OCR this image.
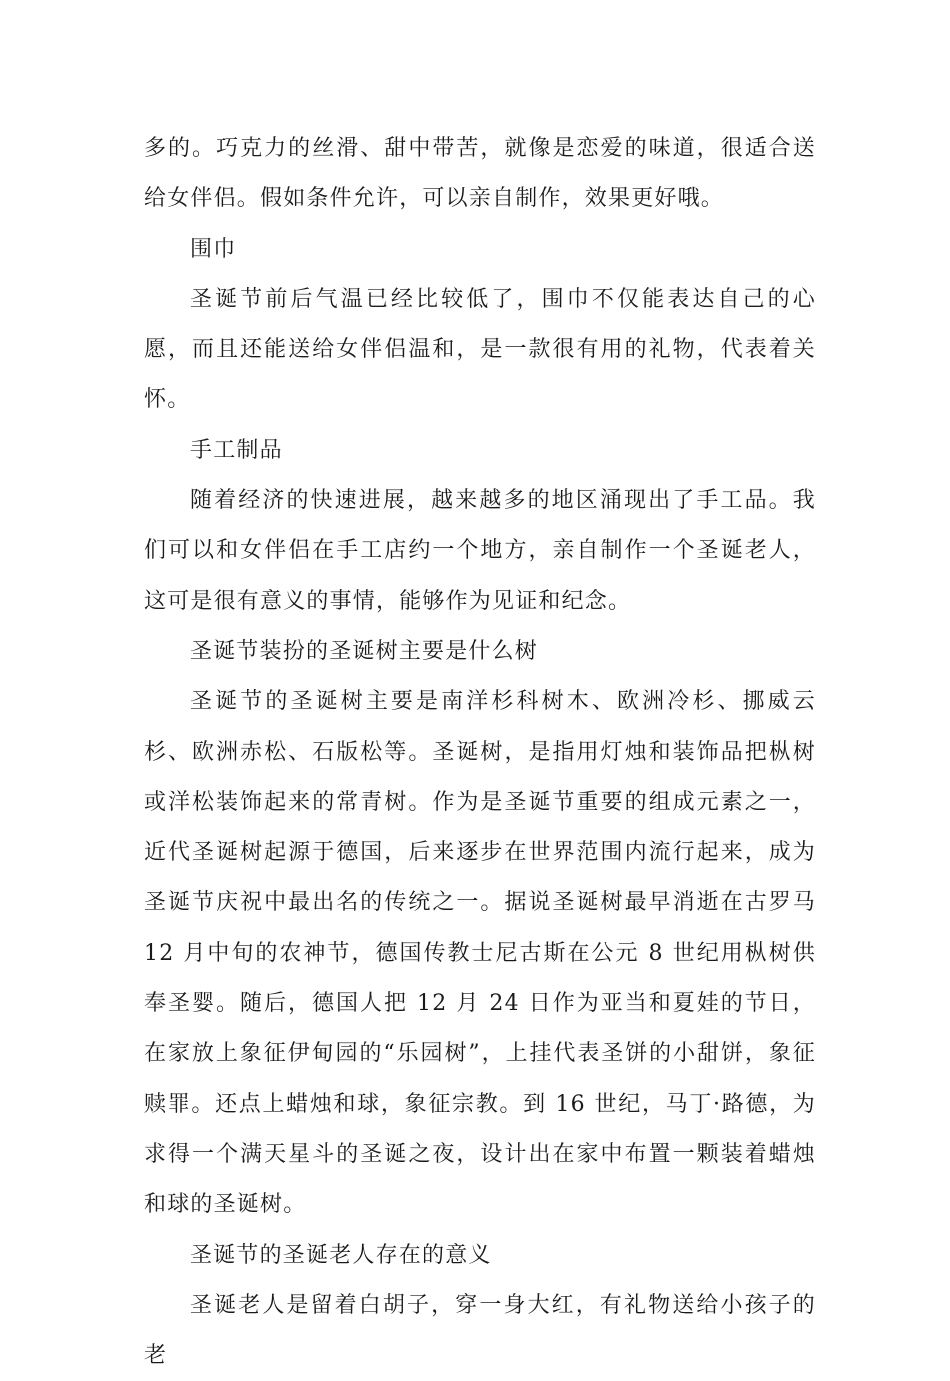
多的。巧克力的丝滑、甜中带苦，就像是恋爱的味道，很适合送给女伴侣。假如条件允许，可以亲自制作，效果更好哦。

围巾

圣诞节前后气温已经比较低了，围巾不仅能表达自己的心愿，而且还能送给女伴侣温和，是一款很有用的礼物，代表着关怀。

手工制品

随着经济的快速进展，越来越多的地区涌现出了手工品。我们可以和女伴侣在手工店约一个地方，亲自制作一个圣诞老人，这可是很有意义的事情，能够作为见证和纪念。

圣诞节装扮的圣诞树主要是什么树

圣诞节的圣诞树主要是南洋杉科树木、欧洲冷杉、挪威云杉、欧洲赤松、石版松等。圣诞树，是指用灯烛和装饰品把枞树或洋松装饰起来的常青树。作为是圣诞节重要的组成元素之一，近代圣诞树起源于德国，后来逐步在世界范围内流行起来，成为圣诞节庆祝中最出名的传统之一。据说圣诞树最早消逝在古罗马 12 月中旬的农神节，德国传教士尼古斯在公元 8 世纪用枞树供奉圣婴。随后，德国人把 12 月 24 日作为亚当和夏娃的节日，在家放上象征伊甸园的“乐园树”，上挂代表圣饼的小甜饼，象征赎罪。还点上蜡烛和球，象征宗教。到 16 世纪，马丁·路德，为求得一个满天星斗的圣诞之夜，设计出在家中布置一颗装着蜡烛和球的圣诞树。

圣诞节的圣诞老人存在的意义

圣诞老人是留着白胡子，穿一身大红，有礼物送给小孩子的老
